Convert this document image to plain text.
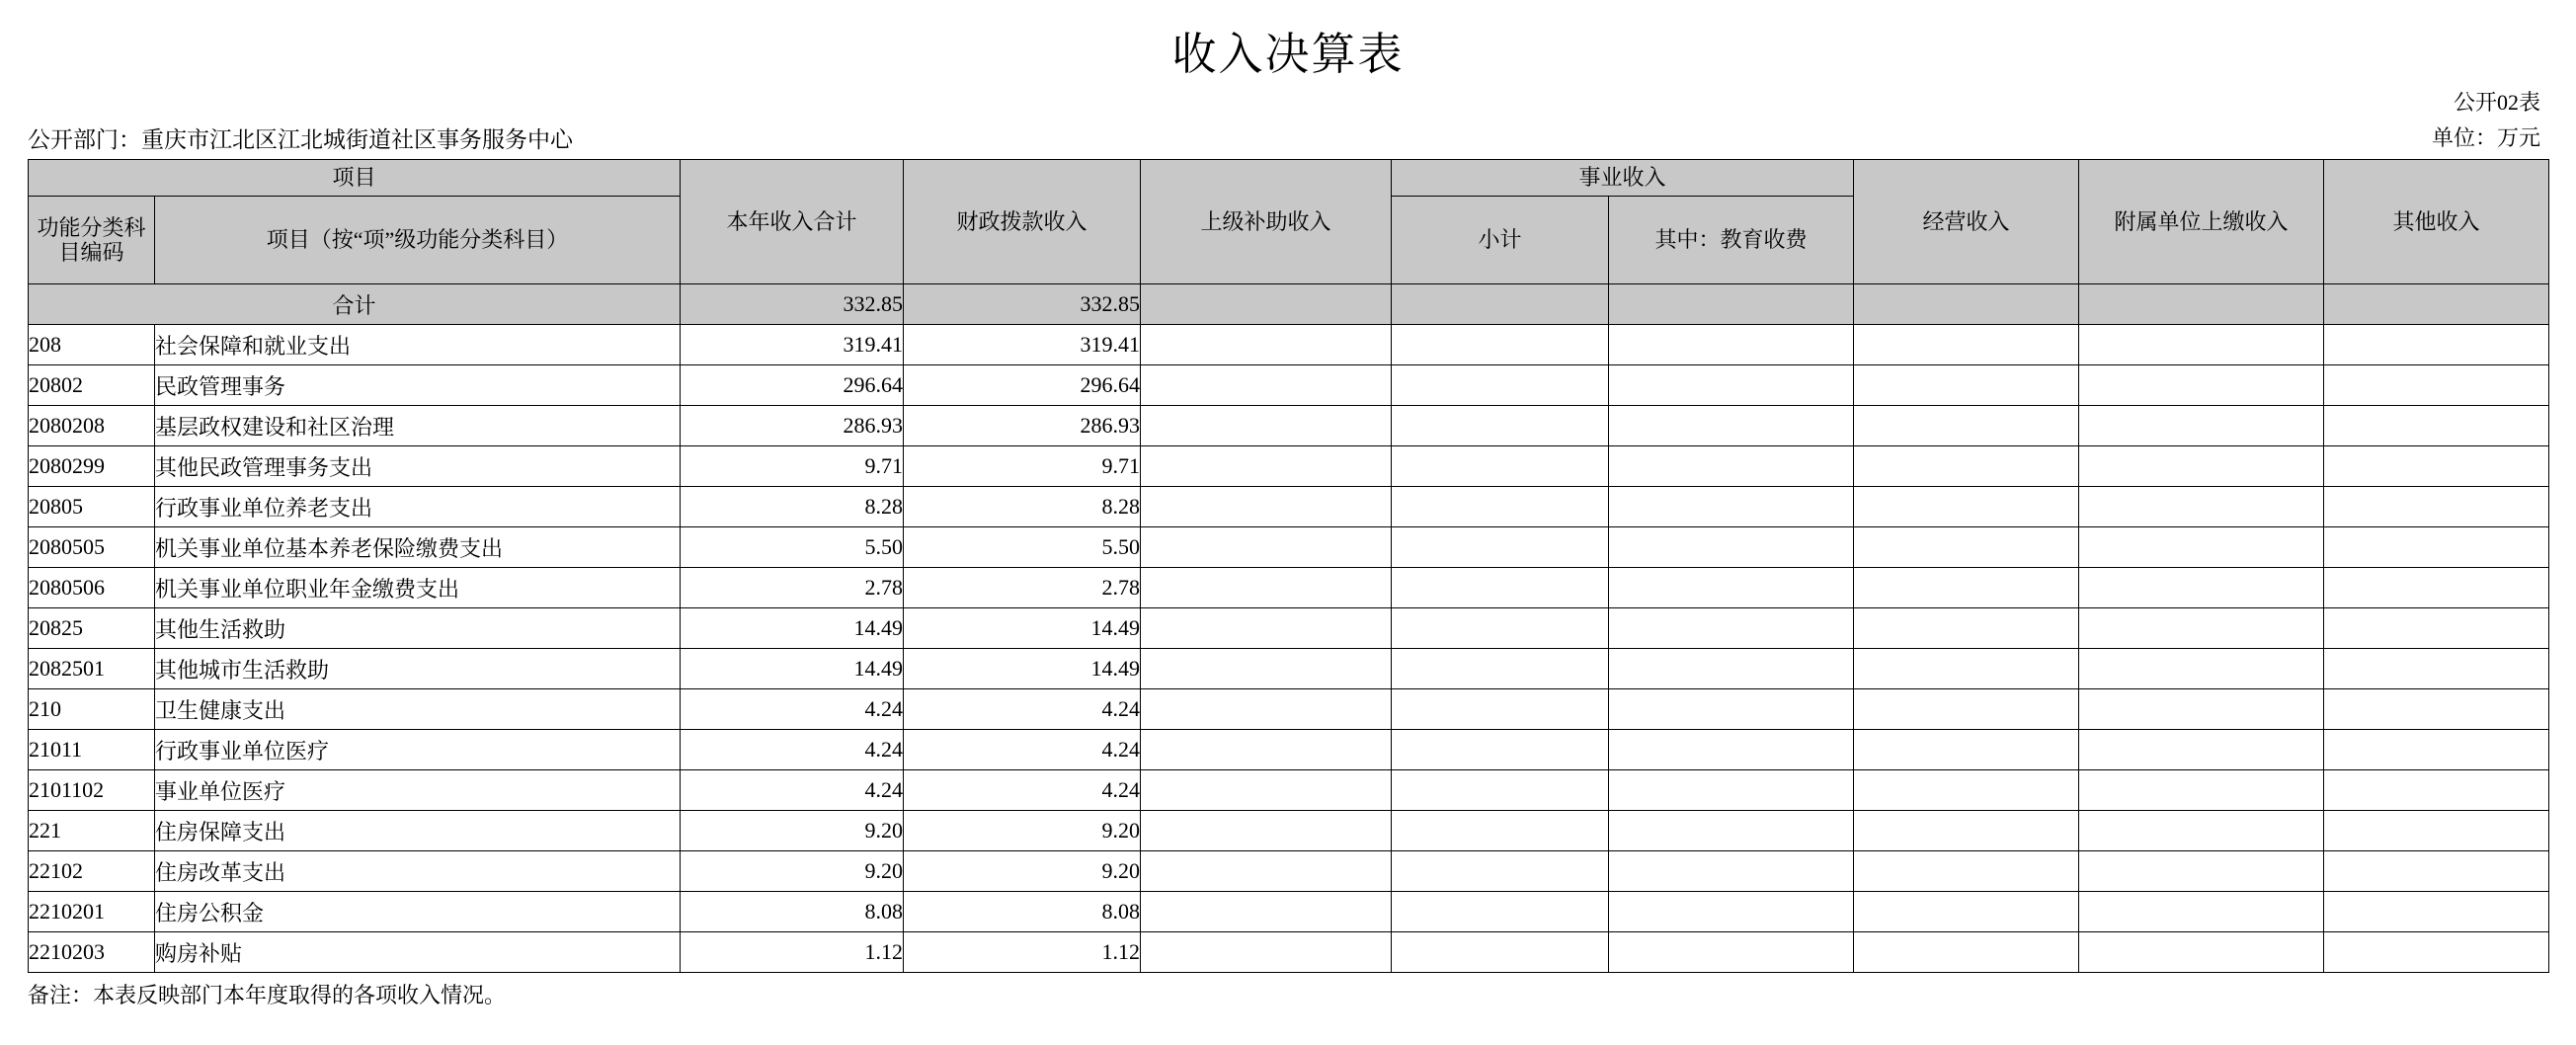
收入决算表
公开02表
公开部门：重庆市江北区江北城街道社区事务服务中心	单位：万元
项目		本年收入合计	财政拨款收入	上级补助收入	事业收入		经营收入	附属单位上缴收入	其他收入
功能分类科目编码	项目（按“项”级功能分类科目）				小计	其中：教育收费			
合计		332.85	332.85						
208	社会保障和就业支出	319.41	319.41						
20802	民政管理事务	296.64	296.64						
2080208	基层政权建设和社区治理	286.93	286.93						
2080299	其他民政管理事务支出	9.71	9.71						
20805	行政事业单位养老支出	8.28	8.28						
2080505	机关事业单位基本养老保险缴费支出	5.50	5.50						
2080506	机关事业单位职业年金缴费支出	2.78	2.78						
20825	其他生活救助	14.49	14.49						
2082501	其他城市生活救助	14.49	14.49						
210	卫生健康支出	4.24	4.24						
21011	行政事业单位医疗	4.24	4.24						
2101102	事业单位医疗	4.24	4.24						
221	住房保障支出	9.20	9.20						
22102	住房改革支出	9.20	9.20						
2210201	住房公积金	8.08	8.08						
2210203	购房补贴	1.12	1.12						
备注：本表反映部门本年度取得的各项收入情况。
